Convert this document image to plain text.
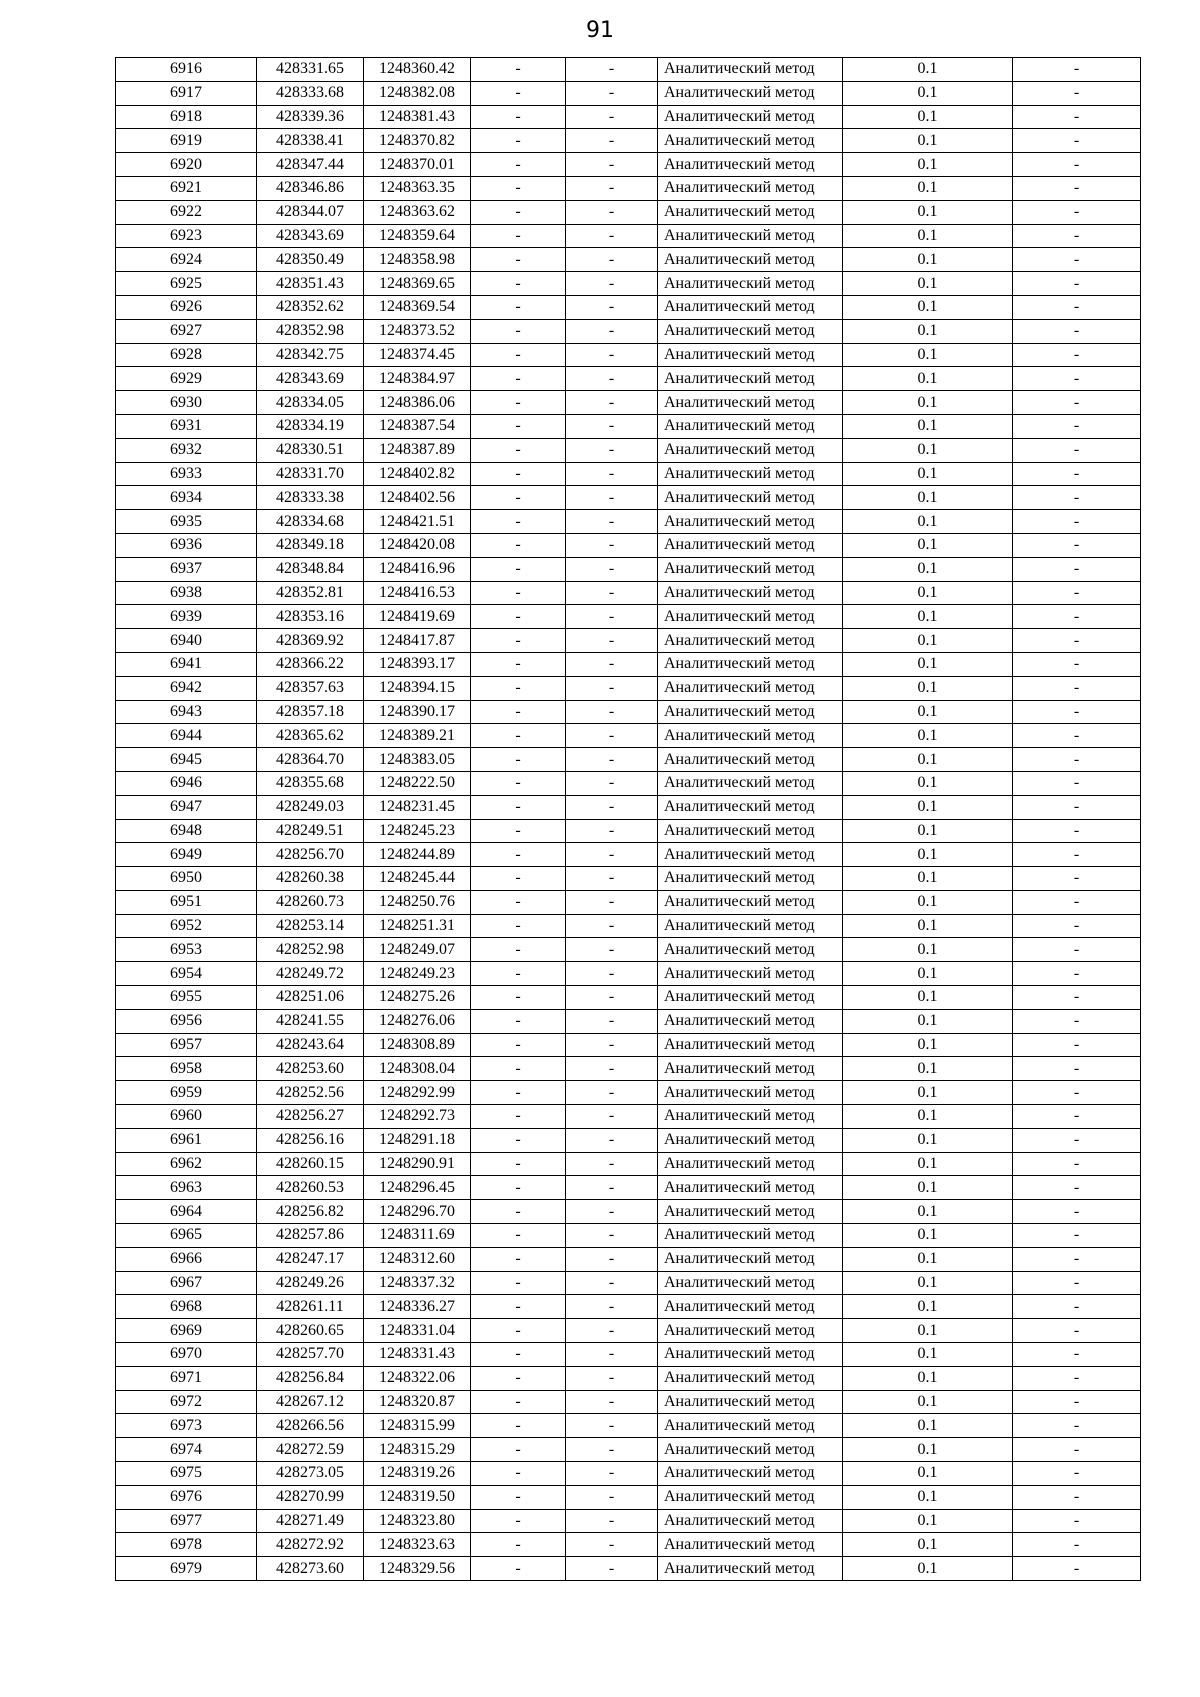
91
6916	428331.65	1248360.42	-	-	Аналитический метод	0.1	-
6917	428333.68	1248382.08	-	-	Аналитический метод	0.1	-
6918	428339.36	1248381.43	-	-	Аналитический метод	0.1	-
6919	428338.41	1248370.82	-	-	Аналитический метод	0.1	-
6920	428347.44	1248370.01	-	-	Аналитический метод	0.1	-
6921	428346.86	1248363.35	-	-	Аналитический метод	0.1	-
6922	428344.07	1248363.62	-	-	Аналитический метод	0.1	-
6923	428343.69	1248359.64	-	-	Аналитический метод	0.1	-
6924	428350.49	1248358.98	-	-	Аналитический метод	0.1	-
6925	428351.43	1248369.65	-	-	Аналитический метод	0.1	-
6926	428352.62	1248369.54	-	-	Аналитический метод	0.1	-
6927	428352.98	1248373.52	-	-	Аналитический метод	0.1	-
6928	428342.75	1248374.45	-	-	Аналитический метод	0.1	-
6929	428343.69	1248384.97	-	-	Аналитический метод	0.1	-
6930	428334.05	1248386.06	-	-	Аналитический метод	0.1	-
6931	428334.19	1248387.54	-	-	Аналитический метод	0.1	-
6932	428330.51	1248387.89	-	-	Аналитический метод	0.1	-
6933	428331.70	1248402.82	-	-	Аналитический метод	0.1	-
6934	428333.38	1248402.56	-	-	Аналитический метод	0.1	-
6935	428334.68	1248421.51	-	-	Аналитический метод	0.1	-
6936	428349.18	1248420.08	-	-	Аналитический метод	0.1	-
6937	428348.84	1248416.96	-	-	Аналитический метод	0.1	-
6938	428352.81	1248416.53	-	-	Аналитический метод	0.1	-
6939	428353.16	1248419.69	-	-	Аналитический метод	0.1	-
6940	428369.92	1248417.87	-	-	Аналитический метод	0.1	-
6941	428366.22	1248393.17	-	-	Аналитический метод	0.1	-
6942	428357.63	1248394.15	-	-	Аналитический метод	0.1	-
6943	428357.18	1248390.17	-	-	Аналитический метод	0.1	-
6944	428365.62	1248389.21	-	-	Аналитический метод	0.1	-
6945	428364.70	1248383.05	-	-	Аналитический метод	0.1	-
6946	428355.68	1248222.50	-	-	Аналитический метод	0.1	-
6947	428249.03	1248231.45	-	-	Аналитический метод	0.1	-
6948	428249.51	1248245.23	-	-	Аналитический метод	0.1	-
6949	428256.70	1248244.89	-	-	Аналитический метод	0.1	-
6950	428260.38	1248245.44	-	-	Аналитический метод	0.1	-
6951	428260.73	1248250.76	-	-	Аналитический метод	0.1	-
6952	428253.14	1248251.31	-	-	Аналитический метод	0.1	-
6953	428252.98	1248249.07	-	-	Аналитический метод	0.1	-
6954	428249.72	1248249.23	-	-	Аналитический метод	0.1	-
6955	428251.06	1248275.26	-	-	Аналитический метод	0.1	-
6956	428241.55	1248276.06	-	-	Аналитический метод	0.1	-
6957	428243.64	1248308.89	-	-	Аналитический метод	0.1	-
6958	428253.60	1248308.04	-	-	Аналитический метод	0.1	-
6959	428252.56	1248292.99	-	-	Аналитический метод	0.1	-
6960	428256.27	1248292.73	-	-	Аналитический метод	0.1	-
6961	428256.16	1248291.18	-	-	Аналитический метод	0.1	-
6962	428260.15	1248290.91	-	-	Аналитический метод	0.1	-
6963	428260.53	1248296.45	-	-	Аналитический метод	0.1	-
6964	428256.82	1248296.70	-	-	Аналитический метод	0.1	-
6965	428257.86	1248311.69	-	-	Аналитический метод	0.1	-
6966	428247.17	1248312.60	-	-	Аналитический метод	0.1	-
6967	428249.26	1248337.32	-	-	Аналитический метод	0.1	-
6968	428261.11	1248336.27	-	-	Аналитический метод	0.1	-
6969	428260.65	1248331.04	-	-	Аналитический метод	0.1	-
6970	428257.70	1248331.43	-	-	Аналитический метод	0.1	-
6971	428256.84	1248322.06	-	-	Аналитический метод	0.1	-
6972	428267.12	1248320.87	-	-	Аналитический метод	0.1	-
6973	428266.56	1248315.99	-	-	Аналитический метод	0.1	-
6974	428272.59	1248315.29	-	-	Аналитический метод	0.1	-
6975	428273.05	1248319.26	-	-	Аналитический метод	0.1	-
6976	428270.99	1248319.50	-	-	Аналитический метод	0.1	-
6977	428271.49	1248323.80	-	-	Аналитический метод	0.1	-
6978	428272.92	1248323.63	-	-	Аналитический метод	0.1	-
6979	428273.60	1248329.56	-	-	Аналитический метод	0.1	-
